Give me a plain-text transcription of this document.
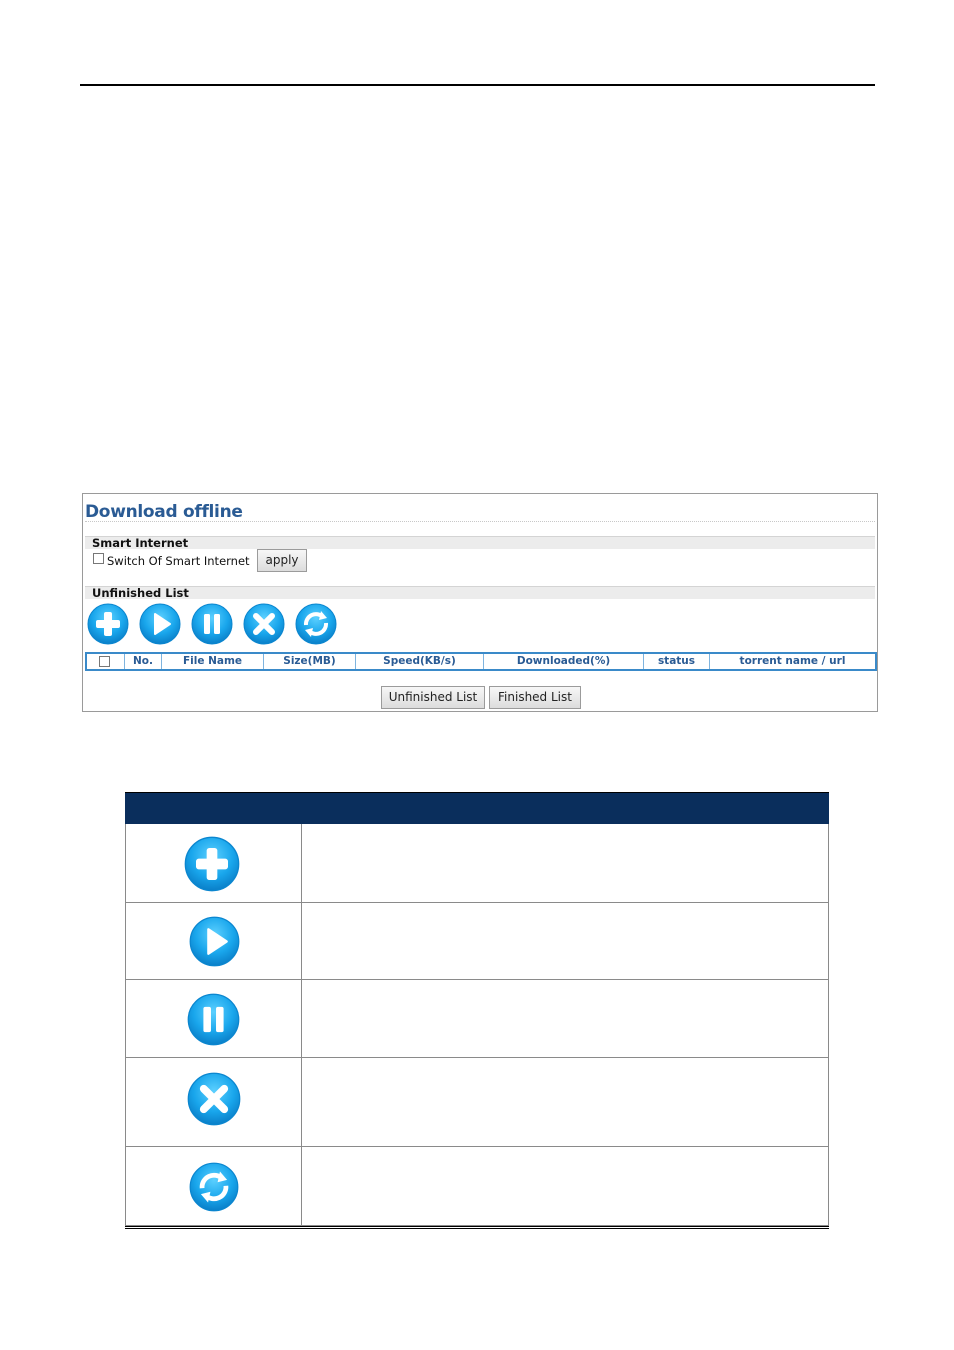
Download offline
Smart Internet
Switch Of Smart Internet	apply
Unfinished List
No.	File Name	Size(MB)	Speed(KB/s)	Downloaded(%)	status	torrent name / url
Unfinished List	Finished List
